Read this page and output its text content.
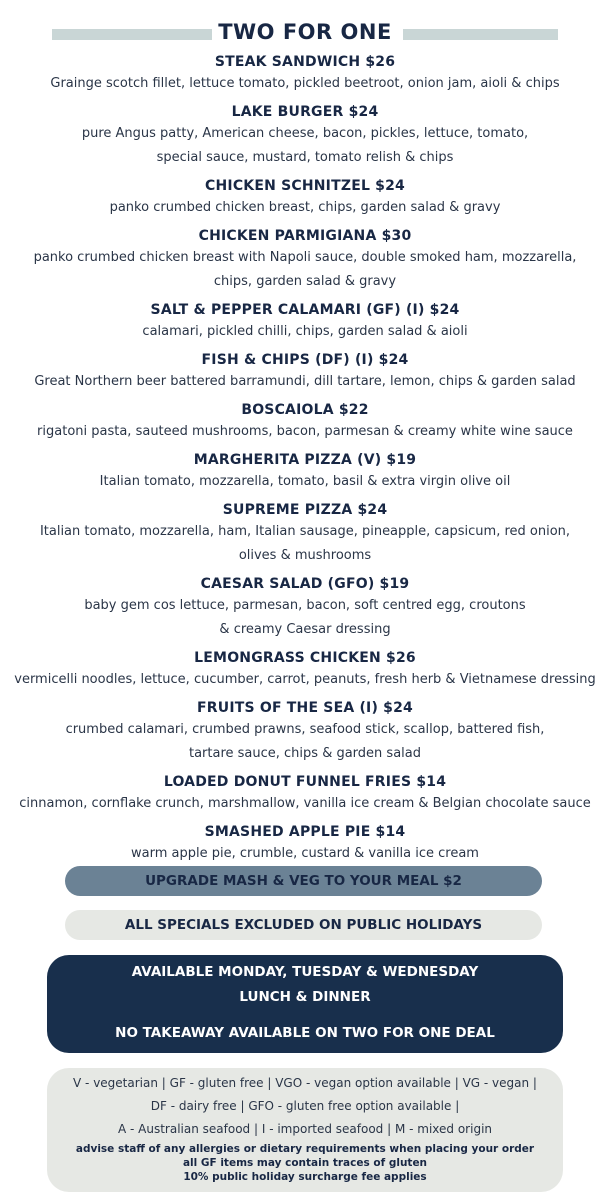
TWO FOR ONE
STEAK SANDWICH $26
Grainge scotch fillet, lettuce tomato, pickled beetroot, onion jam, aioli & chips
LAKE BURGER $24
pure Angus patty, American cheese, bacon, pickles, lettuce, tomato, special sauce, mustard, tomato relish & chips
CHICKEN SCHNITZEL $24
panko crumbed chicken breast, chips, garden salad & gravy
CHICKEN PARMIGIANA $30
panko crumbed chicken breast with Napoli sauce, double smoked ham, mozzarella, chips, garden salad & gravy
SALT & PEPPER CALAMARI (GF) (I) $24
calamari, pickled chilli, chips, garden salad & aioli
FISH & CHIPS (DF) (I) $24
Great Northern beer battered barramundi, dill tartare, lemon, chips & garden salad
BOSCAIOLA $22
rigatoni pasta, sauteed mushrooms, bacon, parmesan & creamy white wine sauce
MARGHERITA PIZZA (V) $19
Italian tomato, mozzarella, tomato, basil & extra virgin olive oil
SUPREME PIZZA $24
Italian tomato, mozzarella, ham, Italian sausage, pineapple, capsicum, red onion, olives & mushrooms
CAESAR SALAD (GFO) $19
baby gem cos lettuce, parmesan, bacon, soft centred egg, croutons & creamy Caesar dressing
LEMONGRASS CHICKEN $26
vermicelli noodles, lettuce, cucumber, carrot, peanuts, fresh herb & Vietnamese dressing
FRUITS OF THE SEA (I) $24
crumbed calamari, crumbed prawns, seafood stick, scallop, battered fish, tartare sauce, chips & garden salad
LOADED DONUT FUNNEL FRIES $14
cinnamon, cornflake crunch, marshmallow, vanilla ice cream & Belgian chocolate sauce
SMASHED APPLE PIE $14
warm apple pie, crumble, custard & vanilla ice cream
UPGRADE MASH & VEG TO YOUR MEAL $2
ALL SPECIALS EXCLUDED ON PUBLIC HOLIDAYS
AVAILABLE MONDAY, TUESDAY & WEDNESDAY
LUNCH & DINNER
NO TAKEAWAY AVAILABLE ON TWO FOR ONE DEAL
V - vegetarian | GF - gluten free | VGO - vegan option available | VG - vegan |
DF - dairy free | GFO - gluten free option available |
A - Australian seafood | I - imported seafood | M - mixed origin
advise staff of any allergies or dietary requirements when placing your order
all GF items may contain traces of gluten
10% public holiday surcharge fee applies
